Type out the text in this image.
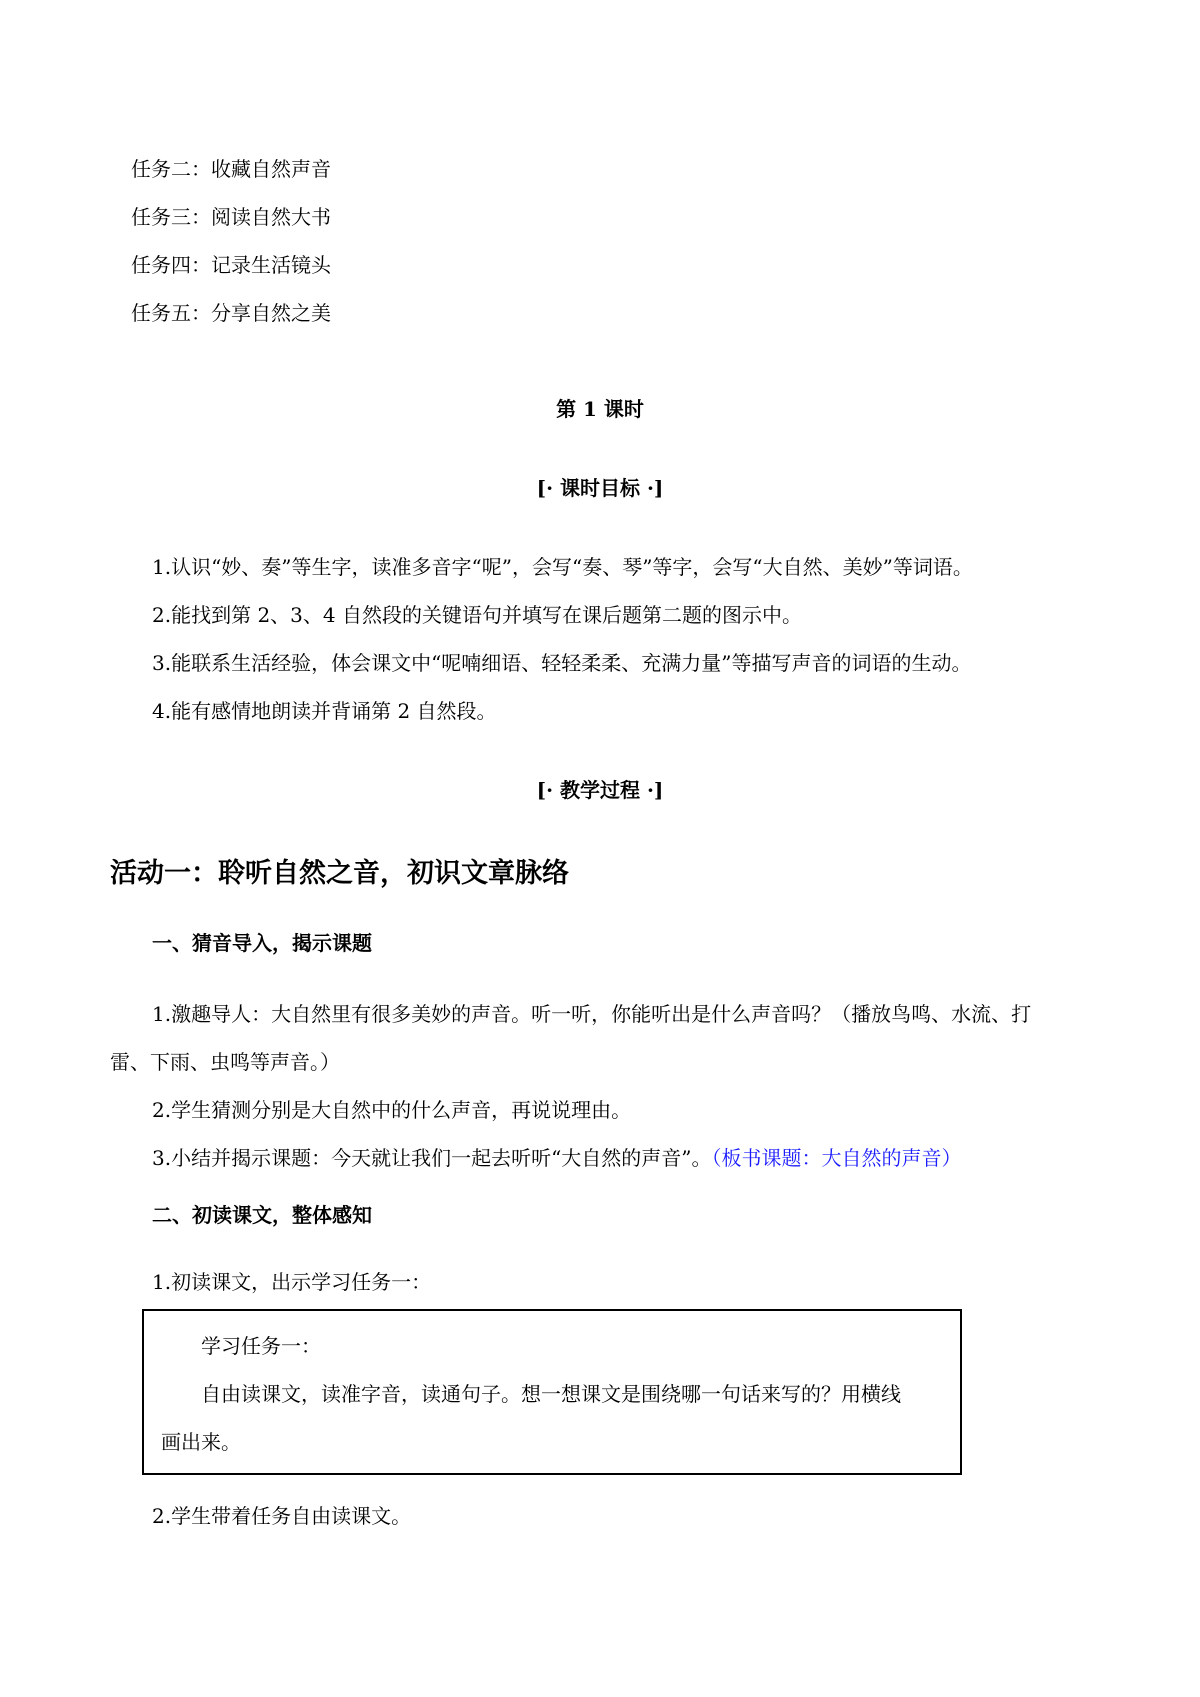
任务二：收藏自然声音
任务三：阅读自然大书
任务四：记录生活镜头
任务五：分享自然之美
第 1 课时
[· 课时目标 ·]
1.认识“妙、奏”等生字，读准多音字“呢”，会写“奏、琴”等字，会写“大自然、美妙”等词语。
2.能找到第 2、3、4 自然段的关键语句并填写在课后题第二题的图示中。
3.能联系生活经验，体会课文中“呢喃细语、轻轻柔柔、充满力量”等描写声音的词语的生动。
4.能有感情地朗读并背诵第 2 自然段。
[· 教学过程 ·]
活动一：聆听自然之音，初识文章脉络
一、猜音导入，揭示课题
1.激趣导人：大自然里有很多美妙的声音。听一听，你能听出是什么声音吗？（播放鸟鸣、水流、打
雷、下雨、虫鸣等声音。）
2.学生猜测分别是大自然中的什么声音，再说说理由。
3.小结并揭示课题：今天就让我们一起去听听“大自然的声音”。（板书课题：大自然的声音）
二、初读课文，整体感知
1.初读课文，出示学习任务一：
学习任务一：
自由读课文，读准字音，读通句子。想一想课文是围绕哪一句话来写的？用横线
画出来。
2.学生带着任务自由读课文。
